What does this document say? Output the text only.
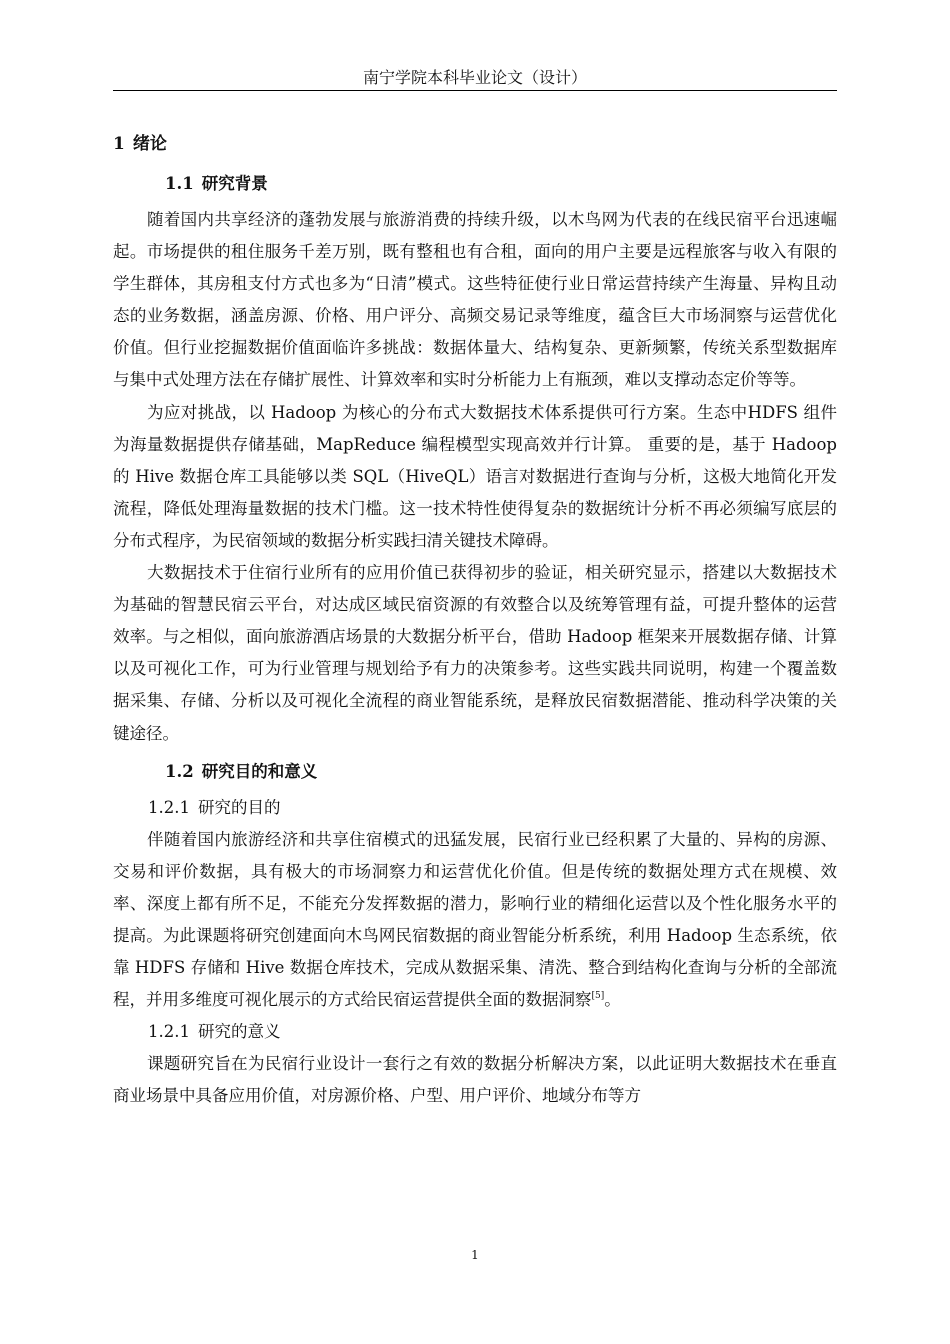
南宁学院本科毕业论文（设计）
1 绪论
1.1 研究背景

随着国内共享经济的蓬勃发展与旅游消费的持续升级，以木鸟网为代表的在线民宿平台迅速崛起。市场提供的租住服务千差万别，既有整租也有合租，面向的用户主要是远程旅客与收入有限的学生群体，其房租支付方式也多为“日清”模式。这些特征使行业日常运营持续产生海量、异构且动态的业务数据，涵盖房源、价格、用户评分、高频交易记录等维度，蕴含巨大市场洞察与运营优化价值。但行业挖掘数据价值面临许多挑战：数据体量大、结构复杂、更新频繁，传统关系型数据库与集中式处理方法在存储扩展性、计算效率和实时分析能力上有瓶颈，难以支撑动态定价等等。

为应对挑战，以 Hadoop 为核心的分布式大数据技术体系提供可行方案。生态中HDFS 组件为海量数据提供存储基础，MapReduce 编程模型实现高效并行计算。 重要的是，基于 Hadoop 的 Hive 数据仓库工具能够以类 SQL（HiveQL）语言对数据进行查询与分析，这极大地简化开发流程，降低处理海量数据的技术门槛。这一技术特性使得复杂的数据统计分析不再必须编写底层的分布式程序，为民宿领域的数据分析实践扫清关键技术障碍。

大数据技术于住宿行业所有的应用价值已获得初步的验证，相关研究显示，搭建以大数据技术为基础的智慧民宿云平台，对达成区域民宿资源的有效整合以及统筹管理有益，可提升整体的运营效率。与之相似，面向旅游酒店场景的大数据分析平台，借助 Hadoop 框架来开展数据存储、计算以及可视化工作，可为行业管理与规划给予有力的决策参考。这些实践共同说明，构建一个覆盖数据采集、存储、分析以及可视化全流程的商业智能系统，是释放民宿数据潜能、推动科学决策的关键途径。

1.2 研究目的和意义
1.2.1 研究的目的

伴随着国内旅游经济和共享住宿模式的迅猛发展，民宿行业已经积累了大量的、异构的房源、交易和评价数据，具有极大的市场洞察力和运营优化价值。但是传统的数据处理方式在规模、效率、深度上都有所不足，不能充分发挥数据的潜力，影响行业的精细化运营以及个性化服务水平的提高。为此课题将研究创建面向木鸟网民宿数据的商业智能分析系统，利用 Hadoop 生态系统，依靠 HDFS 存储和 Hive 数据仓库技术，完成从数据采集、清洗、整合到结构化查询与分析的全部流程，并用多维度可视化展示的方式给民宿运营提供全面的数据洞察[5]。

1.2.1 研究的意义

课题研究旨在为民宿行业设计一套行之有效的数据分析解决方案，以此证明大数据技术在垂直商业场景中具备应用价值，对房源价格、户型、用户评价、地域分布等方

1
